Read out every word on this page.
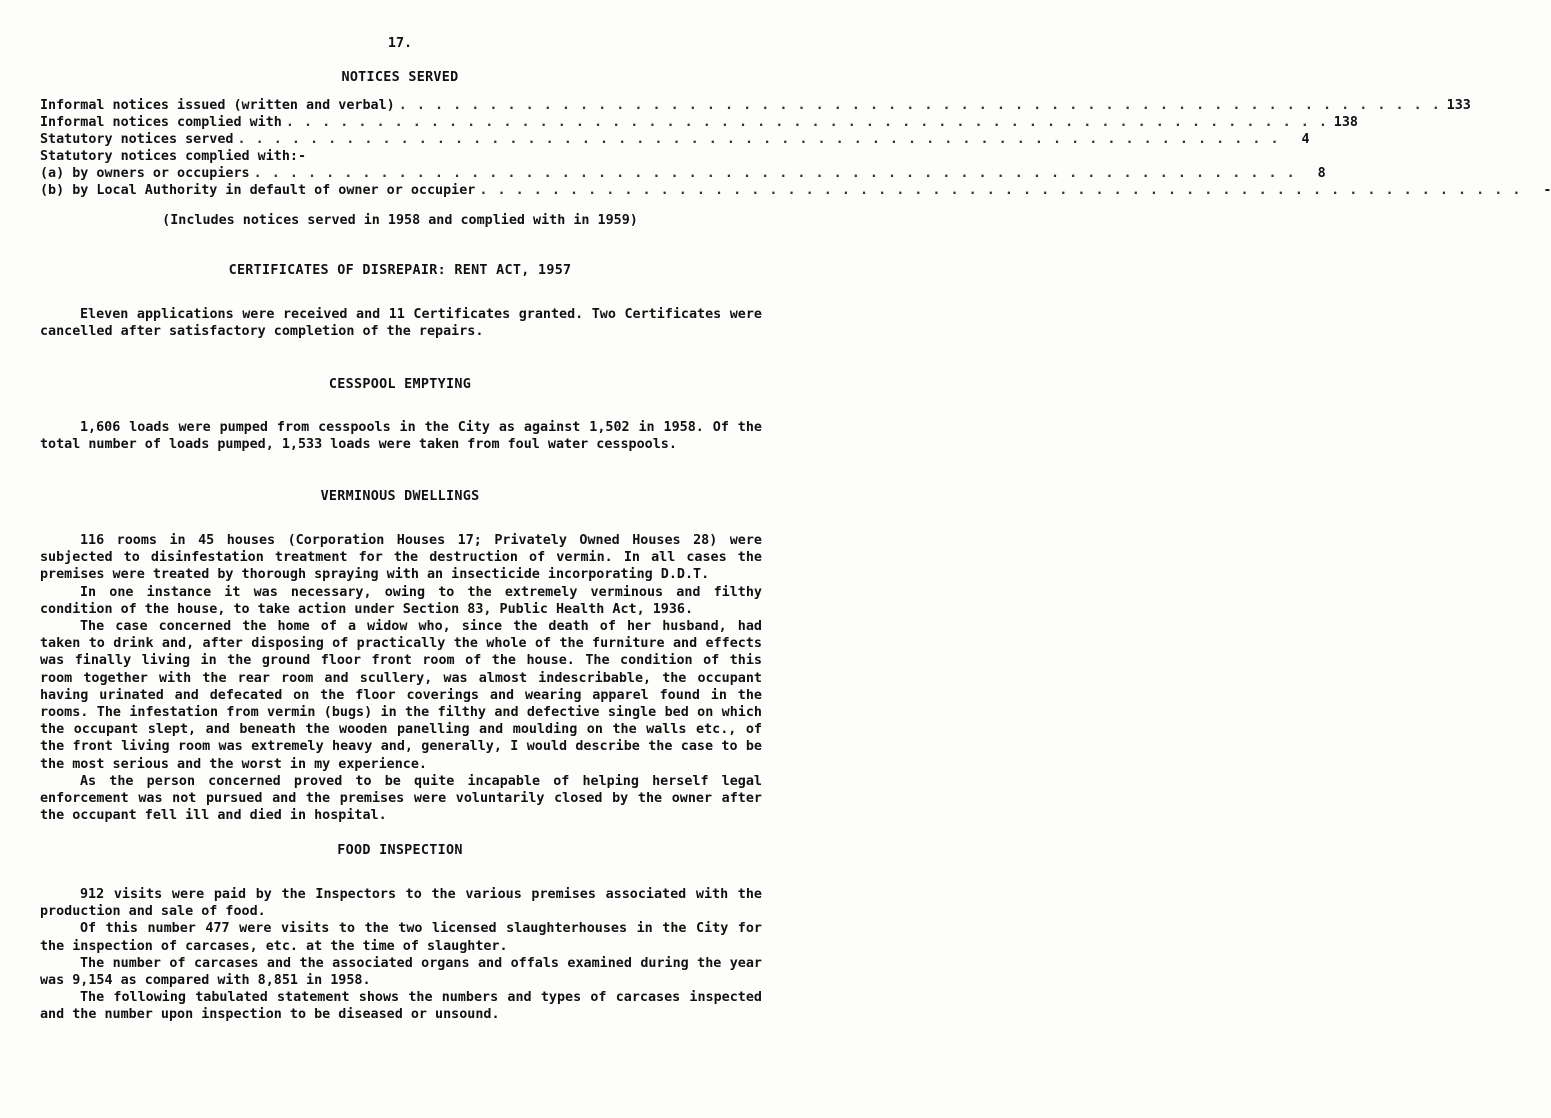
17.
NOTICES SERVED
Informal notices issued (written and verbal) . . . . . . . . . . . . . . . . . . . . . . . . . . . . . . . . . . . . . . . . . . . . . . . . . . . . . . . . . . 133
Informal notices complied with . . . . . . . . . . . . . . . . . . . . . . . . . . . . . . . . . . . . . . . . . . . . . . . . . . . . . . . . . . 138
Statutory notices served . . . . . . . . . . . . . . . . . . . . . . . . . . . . . . . . . . . . . . . . . . . . . . . . . . . . . . . . . .	4
Statutory notices complied with:-
(a) by owners or occupiers . . . . . . . . . . . . . . . . . . . . . . . . . . . . . . . . . . . . . . . . . . . . . . . . . . . . . . . . . .	8
(b) by Local Authority in default of owner or occupier . . . . . . . . . . . . . . . . . . . . . . . . . . . . . . . . . . . . . . . . . . . . . . . . . . . . . . . . . .	-
(Includes notices served in 1958 and complied with in 1959)
CERTIFICATES OF DISREPAIR: RENT ACT, 1957

Eleven applications were received and 11 Certificates granted. Two Certificates were cancelled after satisfactory completion of the repairs.

CESSPOOL EMPTYING

1,606 loads were pumped from cesspools in the City as against 1,502 in 1958. Of the total number of loads pumped, 1,533 loads were taken from foul water cesspools.

VERMINOUS DWELLINGS

116 rooms in 45 houses (Corporation Houses 17; Privately Owned Houses 28) were subjected to disinfestation treatment for the destruction of vermin. In all cases the premises were treated by thorough spraying with an insecticide incorporating D.D.T.

In one instance it was necessary, owing to the extremely verminous and filthy condition of the house, to take action under Section 83, Public Health Act, 1936.

The case concerned the home of a widow who, since the death of her husband, had taken to drink and, after disposing of practically the whole of the furniture and effects was finally living in the ground floor front room of the house. The condition of this room together with the rear room and scullery, was almost indescribable, the occupant having urinated and defecated on the floor coverings and wearing apparel found in the rooms. The infestation from vermin (bugs) in the filthy and defective single bed on which the occupant slept, and beneath the wooden panelling and moulding on the walls etc., of the front living room was extremely heavy and, generally, I would describe the case to be the most serious and the worst in my experience.

As the person concerned proved to be quite incapable of helping herself legal enforcement was not pursued and the premises were voluntarily closed by the owner after the occupant fell ill and died in hospital.

FOOD INSPECTION

912 visits were paid by the Inspectors to the various premises associated with the production and sale of food.

Of this number 477 were visits to the two licensed slaughterhouses in the City for the inspection of carcases, etc. at the time of slaughter.

The number of carcases and the associated organs and offals examined during the year was 9,154 as compared with 8,851 in 1958.

The following tabulated statement shows the numbers and types of carcases inspected and the number upon inspection to be diseased or unsound.
